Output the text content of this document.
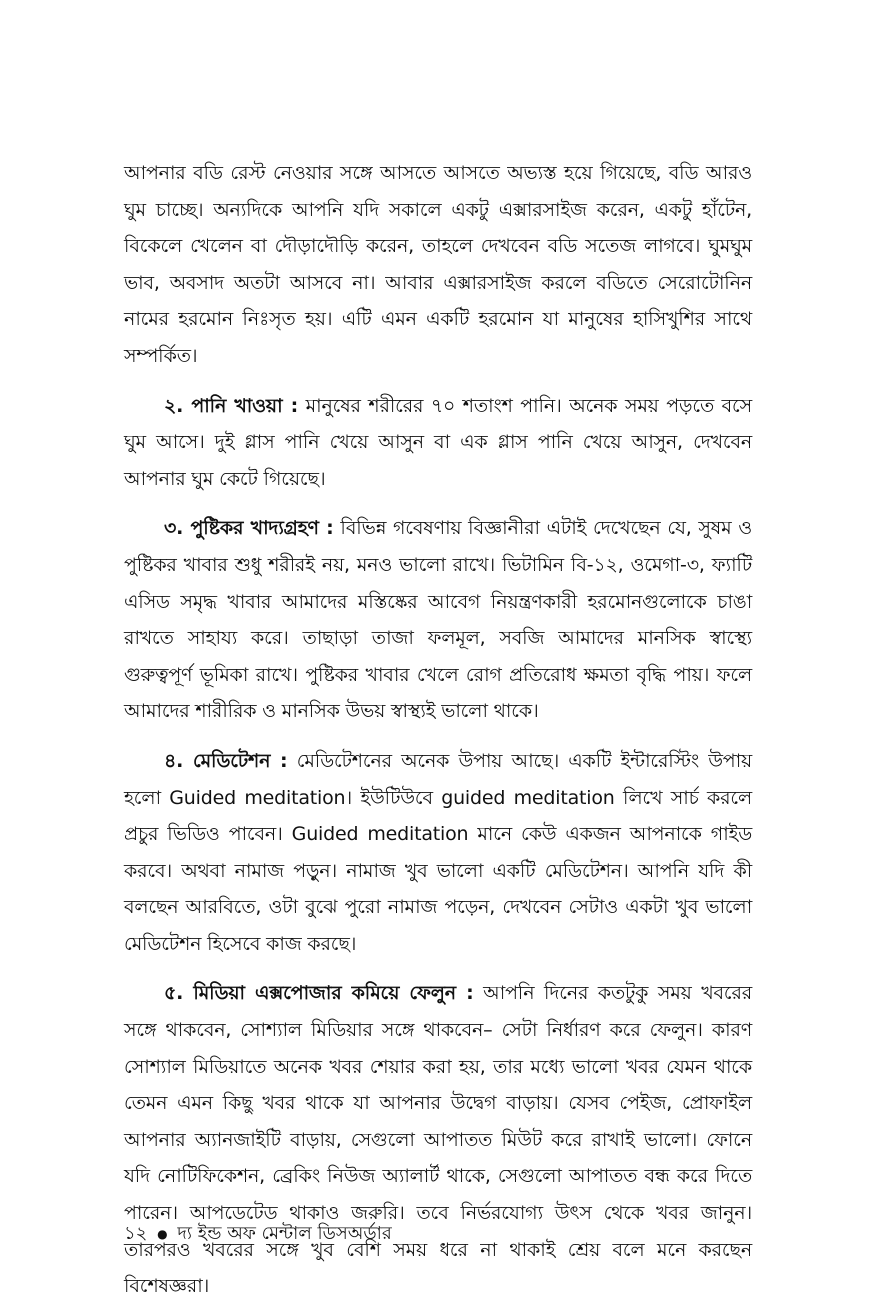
আপনার বডি রেস্ট নেওয়ার সঙ্গে আসতে আসতে অভ্যস্ত হয়ে গিয়েছে, বডি আরও ঘুম চাচ্ছে। অন্যদিকে আপনি যদি সকালে একটু এক্সারসাইজ করেন, একটু হাঁটেন, বিকেলে খেলেন বা দৌড়াদৌড়ি করেন, তাহলে দেখবেন বডি সতেজ লাগবে। ঘুমঘুম ভাব, অবসাদ অতটা আসবে না। আবার এক্সারসাইজ করলে বডিতে সেরোটোনিন নামের হরমোন নিঃসৃত হয়। এটি এমন একটি হরমোন যা মানুষের হাসিখুশির সাথে সম্পর্কিত।

২. পানি খাওয়া : মানুষের শরীরের ৭০ শতাংশ পানি। অনেক সময় পড়তে বসে ঘুম আসে। দুই গ্লাস পানি খেয়ে আসুন বা এক গ্লাস পানি খেয়ে আসুন, দেখবেন আপনার ঘুম কেটে গিয়েছে।

৩. পুষ্টিকর খাদ্যগ্রহণ : বিভিন্ন গবেষণায় বিজ্ঞানীরা এটাই দেখেছেন যে, সুষম ও পুষ্টিকর খাবার শুধু শরীরই নয়, মনও ভালো রাখে। ভিটামিন বি-১২, ওমেগা-৩, ফ্যাটি এসিড সমৃদ্ধ খাবার আমাদের মস্তিষ্কের আবেগ নিয়ন্ত্রণকারী হরমোনগুলোকে চাঙা রাখতে সাহায্য করে। তাছাড়া তাজা ফলমূল, সবজি আমাদের মানসিক স্বাস্থ্যে গুরুত্বপূর্ণ ভূমিকা রাখে। পুষ্টিকর খাবার খেলে রোগ প্রতিরোধ ক্ষমতা বৃদ্ধি পায়। ফলে আমাদের শারীরিক ও মানসিক উভয় স্বাস্থ্যই ভালো থাকে।

৪. মেডিটেশন : মেডিটেশনের অনেক উপায় আছে। একটি ইন্টারেস্টিং উপায় হলো Guided meditation। ইউটিউবে guided meditation লিখে সার্চ করলে প্রচুর ভিডিও পাবেন। Guided meditation মানে কেউ একজন আপনাকে গাইড করবে। অথবা নামাজ পড়ুন। নামাজ খুব ভালো একটি মেডিটেশন। আপনি যদি কী বলছেন আরবিতে, ওটা বুঝে পুরো নামাজ পড়েন, দেখবেন সেটাও একটা খুব ভালো মেডিটেশন হিসেবে কাজ করছে।

৫. মিডিয়া এক্সপোজার কমিয়ে ফেলুন : আপনি দিনের কতটুকু সময় খবরের সঙ্গে থাকবেন, সোশ্যাল মিডিয়ার সঙ্গে থাকবেন– সেটা নির্ধারণ করে ফেলুন। কারণ সোশ্যাল মিডিয়াতে অনেক খবর শেয়ার করা হয়, তার মধ্যে ভালো খবর যেমন থাকে তেমন এমন কিছু খবর থাকে যা আপনার উদ্বেগ বাড়ায়। যেসব পেইজ, প্রোফাইল আপনার অ্যানজাইটি বাড়ায়, সেগুলো আপাতত মিউট করে রাখাই ভালো। ফোনে যদি নোটিফিকেশন, ব্রেকিং নিউজ অ্যালার্ট থাকে, সেগুলো আপাতত বন্ধ করে দিতে পারেন। আপডেটেড থাকাও জরুরি। তবে নির্ভরযোগ্য উৎস থেকে খবর জানুন। তারপরও খবরের সঙ্গে খুব বেশি সময় ধরে না থাকাই শ্রেয় বলে মনে করছেন বিশেষজ্ঞরা।

১২ ● দ্য ইন্ড অফ মেন্টাল ডিসঅর্ডার
